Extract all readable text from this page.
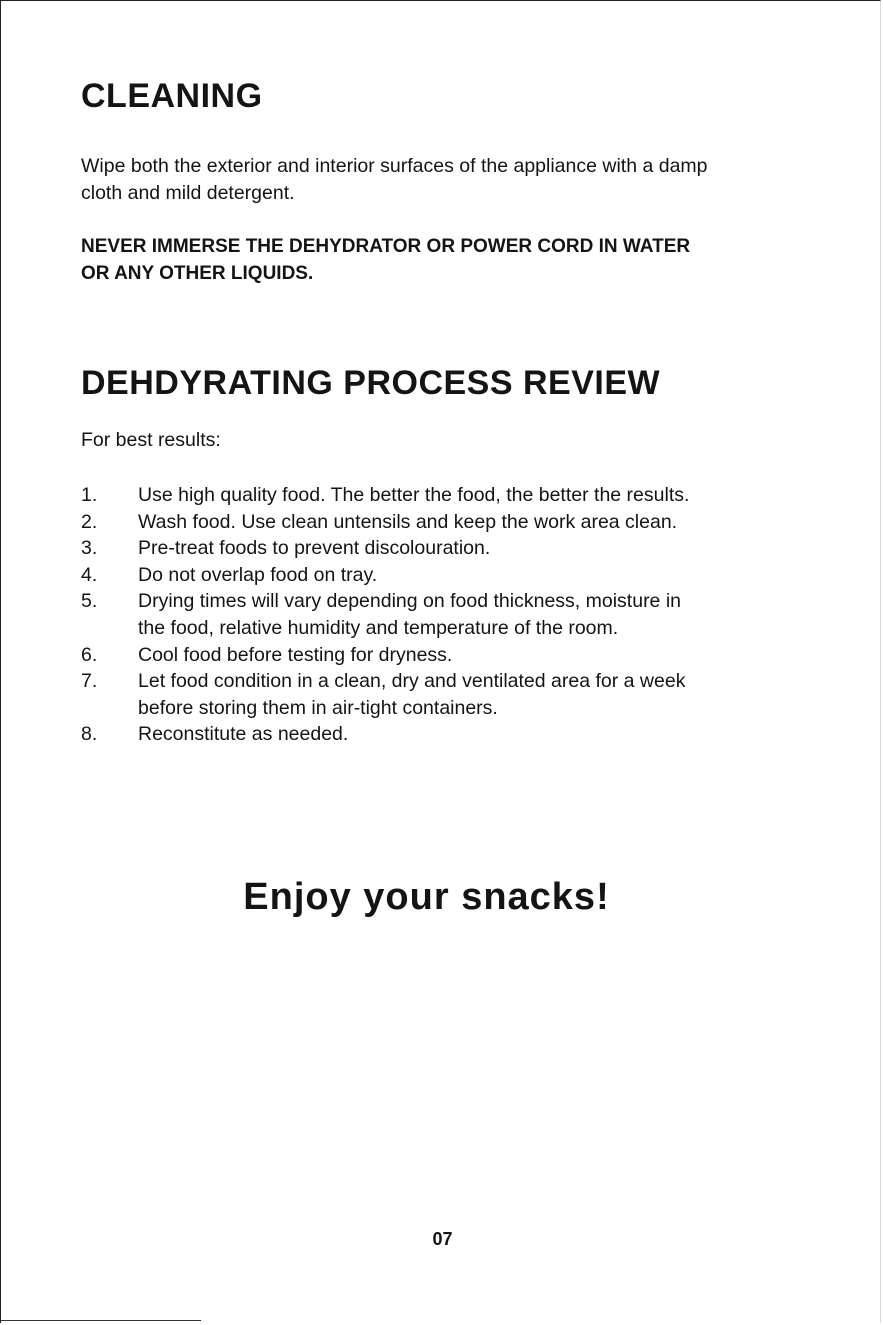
CLEANING

Wipe both the exterior and interior surfaces of the appliance with a damp
cloth and mild detergent.

NEVER IMMERSE THE DEHYDRATOR OR POWER CORD IN WATER
OR ANY OTHER LIQUIDS.

DEHDYRATING PROCESS REVIEW

For best results:

1. Use high quality food. The better the food, the better the results.
2. Wash food. Use clean untensils and keep the work area clean.
3. Pre-treat foods to prevent discolouration.
4. Do not overlap food on tray.
5. Drying times will vary depending on food thickness, moisture in
the food, relative humidity and temperature of the room.
6. Cool food before testing for dryness.
7. Let food condition in a clean, dry and ventilated area for a week
before storing them in air-tight containers.
8. Reconstitute as needed.
Enjoy your snacks!
07
